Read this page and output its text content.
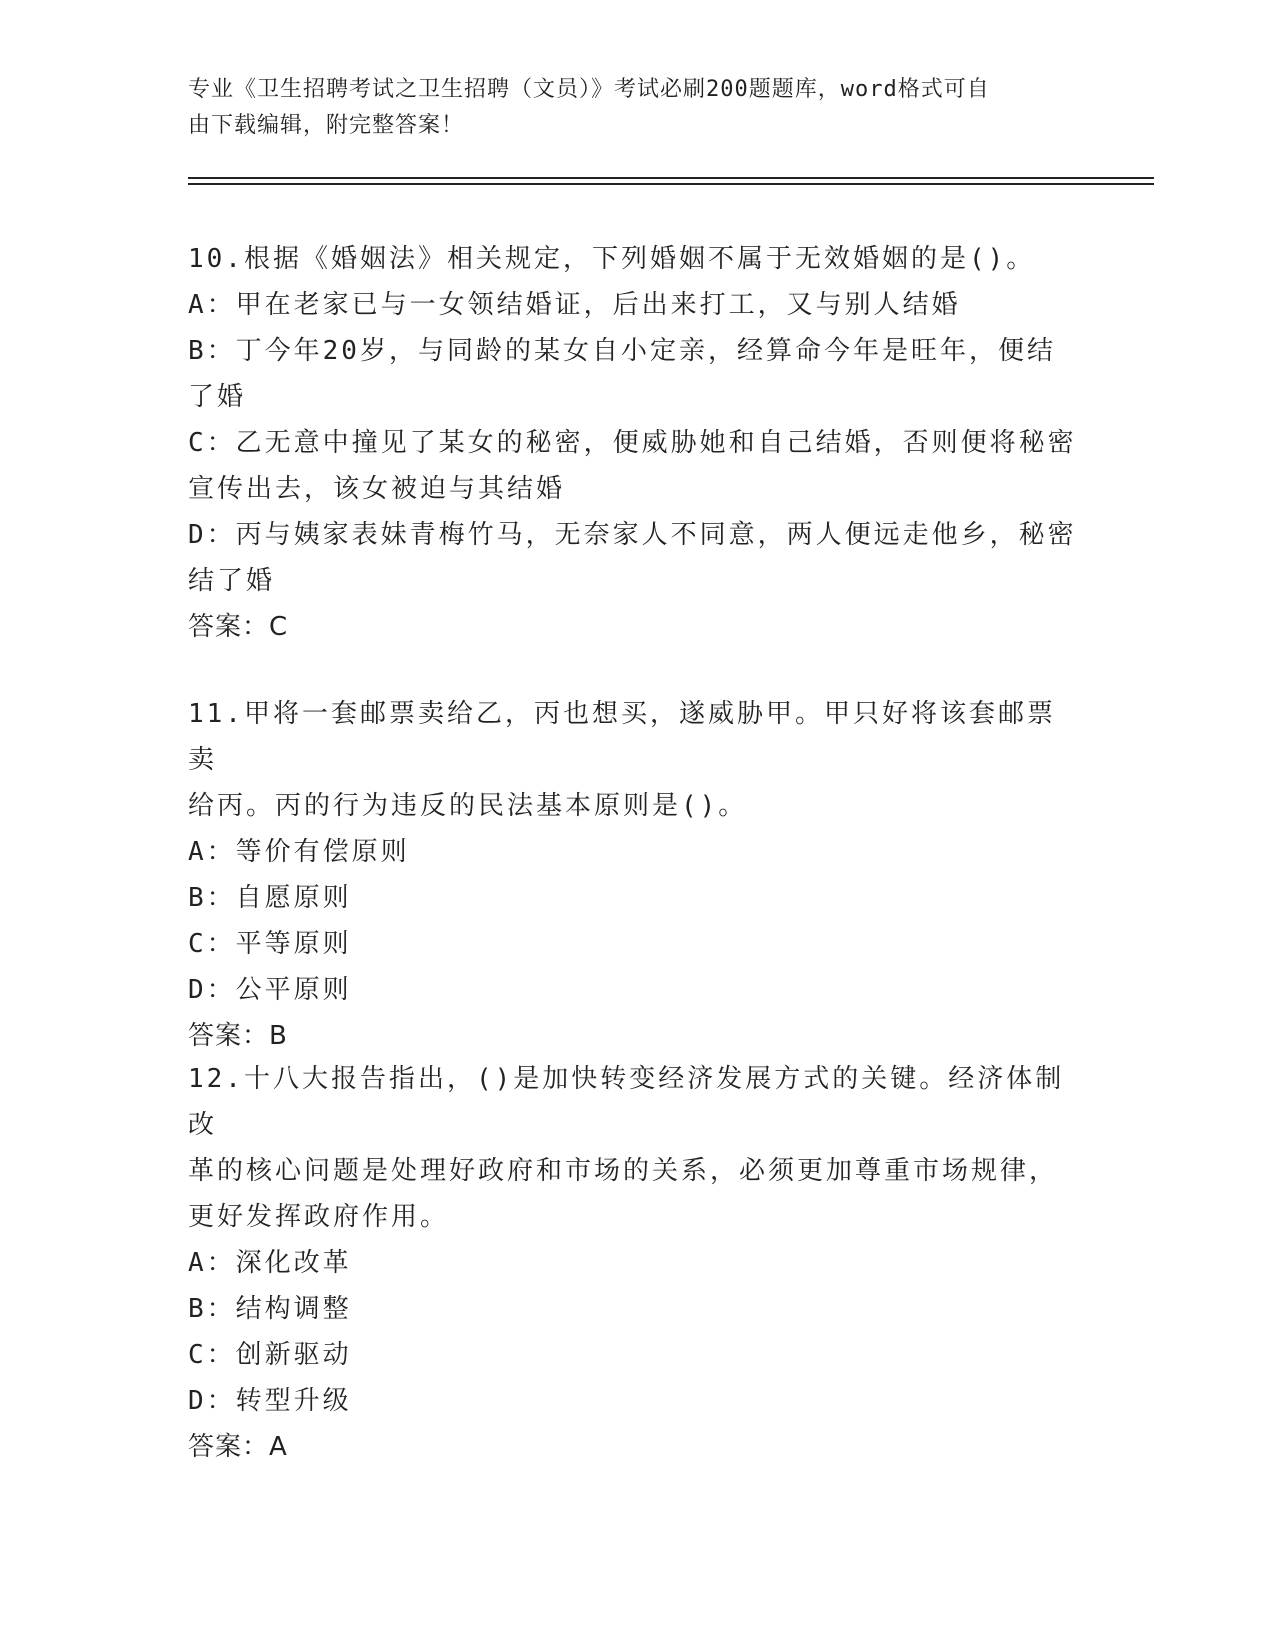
专业《卫生招聘考试之卫生招聘（文员）》考试必刷200题题库，word格式可自
由下载编辑，附完整答案！
10.根据《婚姻法》相关规定，下列婚姻不属于无效婚姻的是()。
A：甲在老家已与一女领结婚证，后出来打工，又与别人结婚
B：丁今年20岁，与同龄的某女自小定亲，经算命今年是旺年，便结
了婚
C：乙无意中撞见了某女的秘密，便威胁她和自己结婚，否则便将秘密
宣传出去，该女被迫与其结婚
D：丙与姨家表妹青梅竹马，无奈家人不同意，两人便远走他乡，秘密
结了婚
答案：C
11.甲将一套邮票卖给乙，丙也想买，遂威胁甲。甲只好将该套邮票卖
给丙。丙的行为违反的民法基本原则是()。
A：等价有偿原则
B：自愿原则
C：平等原则
D：公平原则
答案：B
12.十八大报告指出，()是加快转变经济发展方式的关键。经济体制改
革的核心问题是处理好政府和市场的关系，必须更加尊重市场规律，
更好发挥政府作用。
A：深化改革
B：结构调整
C：创新驱动
D：转型升级
答案：A
